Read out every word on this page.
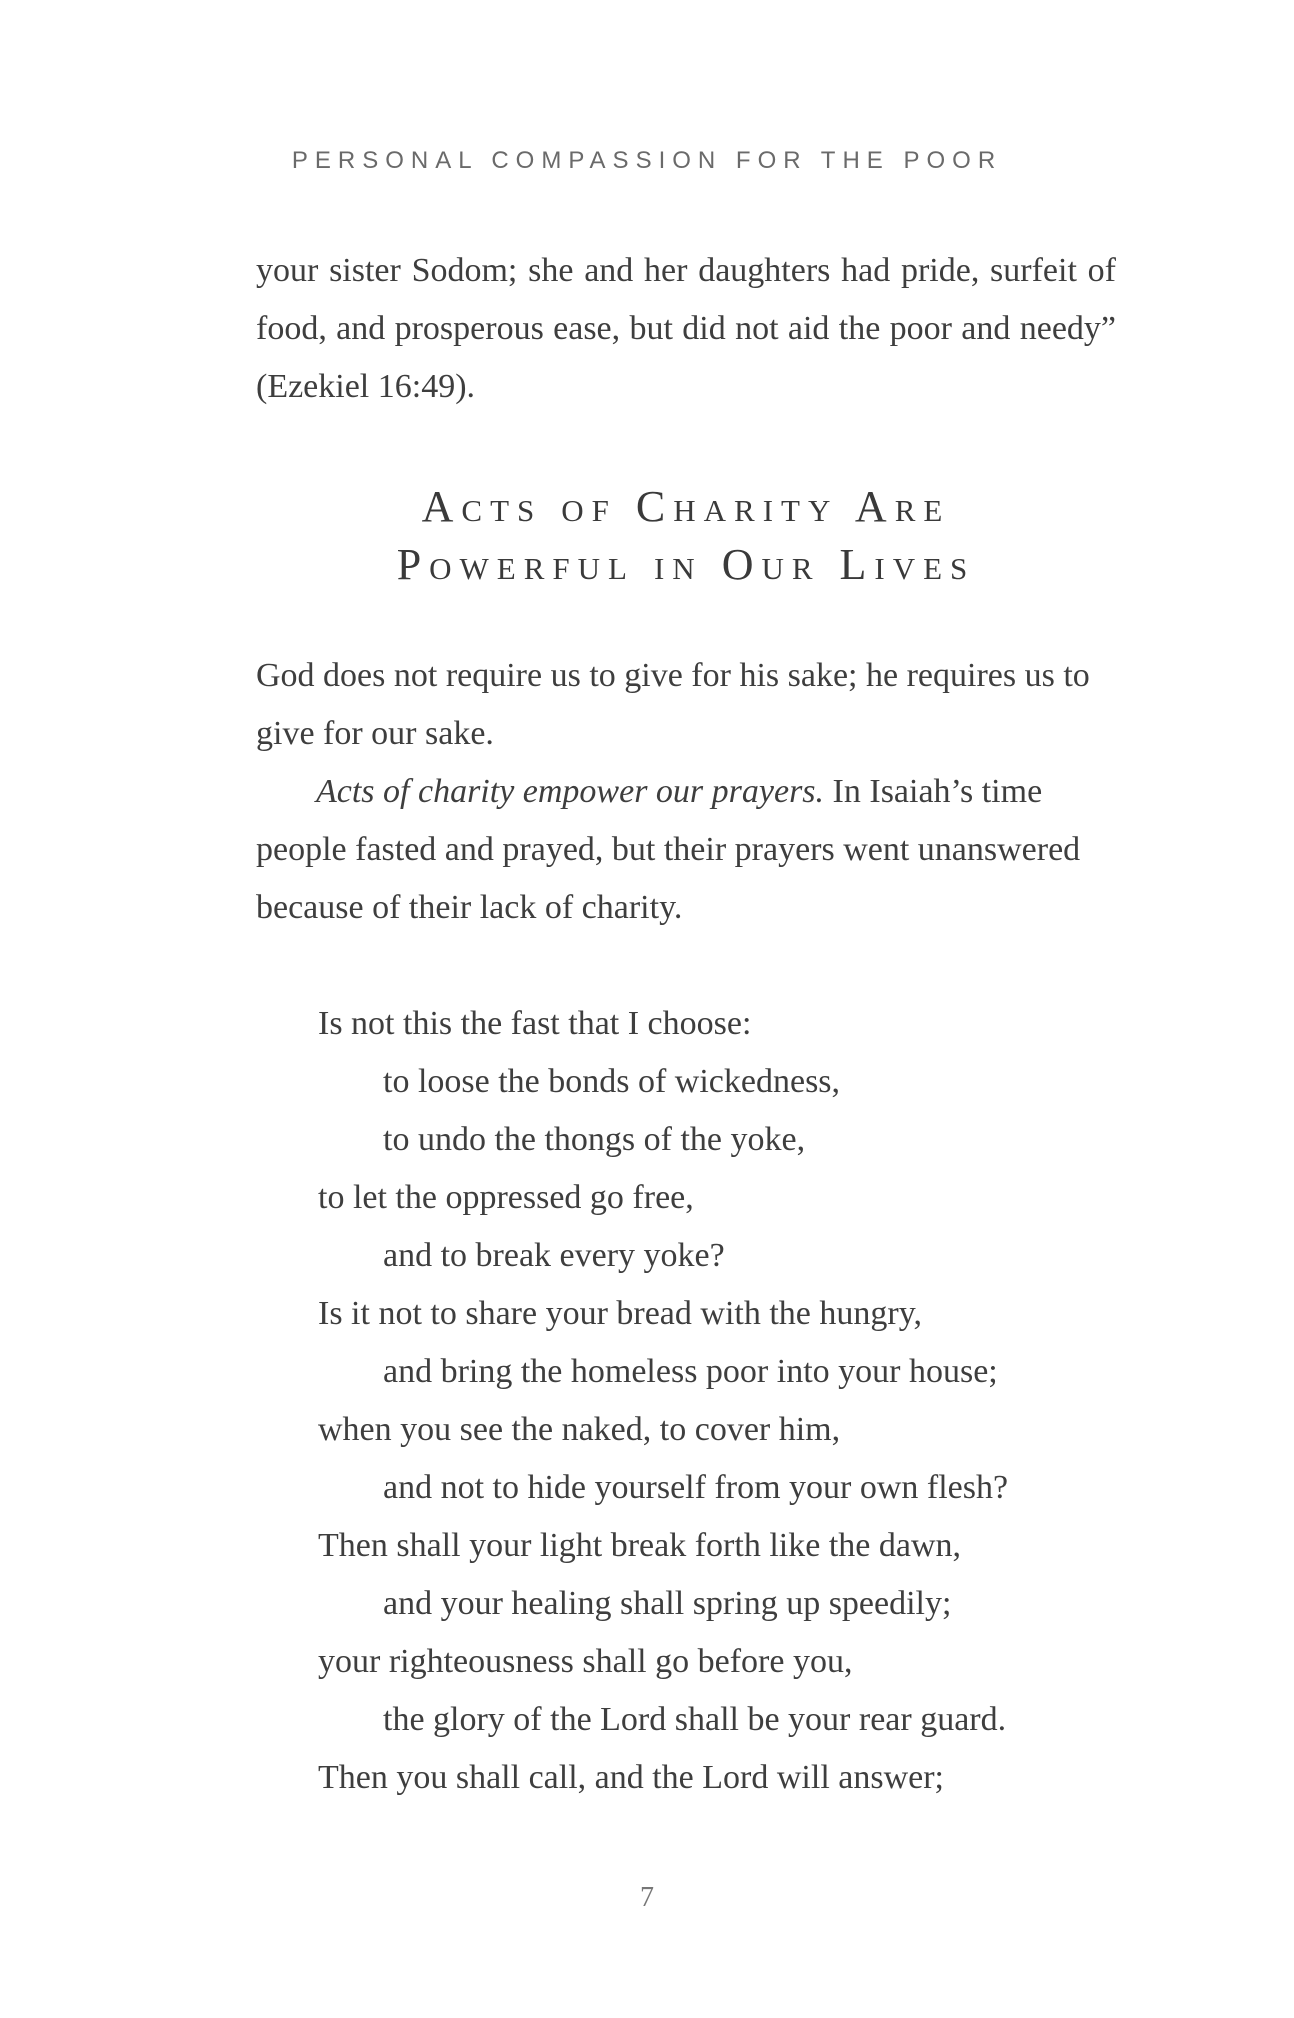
PERSONAL COMPASSION FOR THE POOR

your sister Sodom; she and her daughters had pride, surfeit of food, and prosperous ease, but did not aid the poor and needy” (Ezekiel 16:49).

Acts of Charity Are
Powerful in Our Lives

God does not require us to give for his sake; he requires us to give for our sake.

Acts of charity empower our prayers. In Isaiah’s time people fasted and prayed, but their prayers went unanswered because of their lack of charity.

Is not this the fast that I choose:
to loose the bonds of wickedness,
to undo the thongs of the yoke,
to let the oppressed go free,
and to break every yoke?
Is it not to share your bread with the hungry,
and bring the homeless poor into your house;
when you see the naked, to cover him,
and not to hide yourself from your own flesh?
Then shall your light break forth like the dawn,
and your healing shall spring up speedily;
your righteousness shall go before you,
the glory of the Lord shall be your rear guard.
Then you shall call, and the Lord will answer;

7
